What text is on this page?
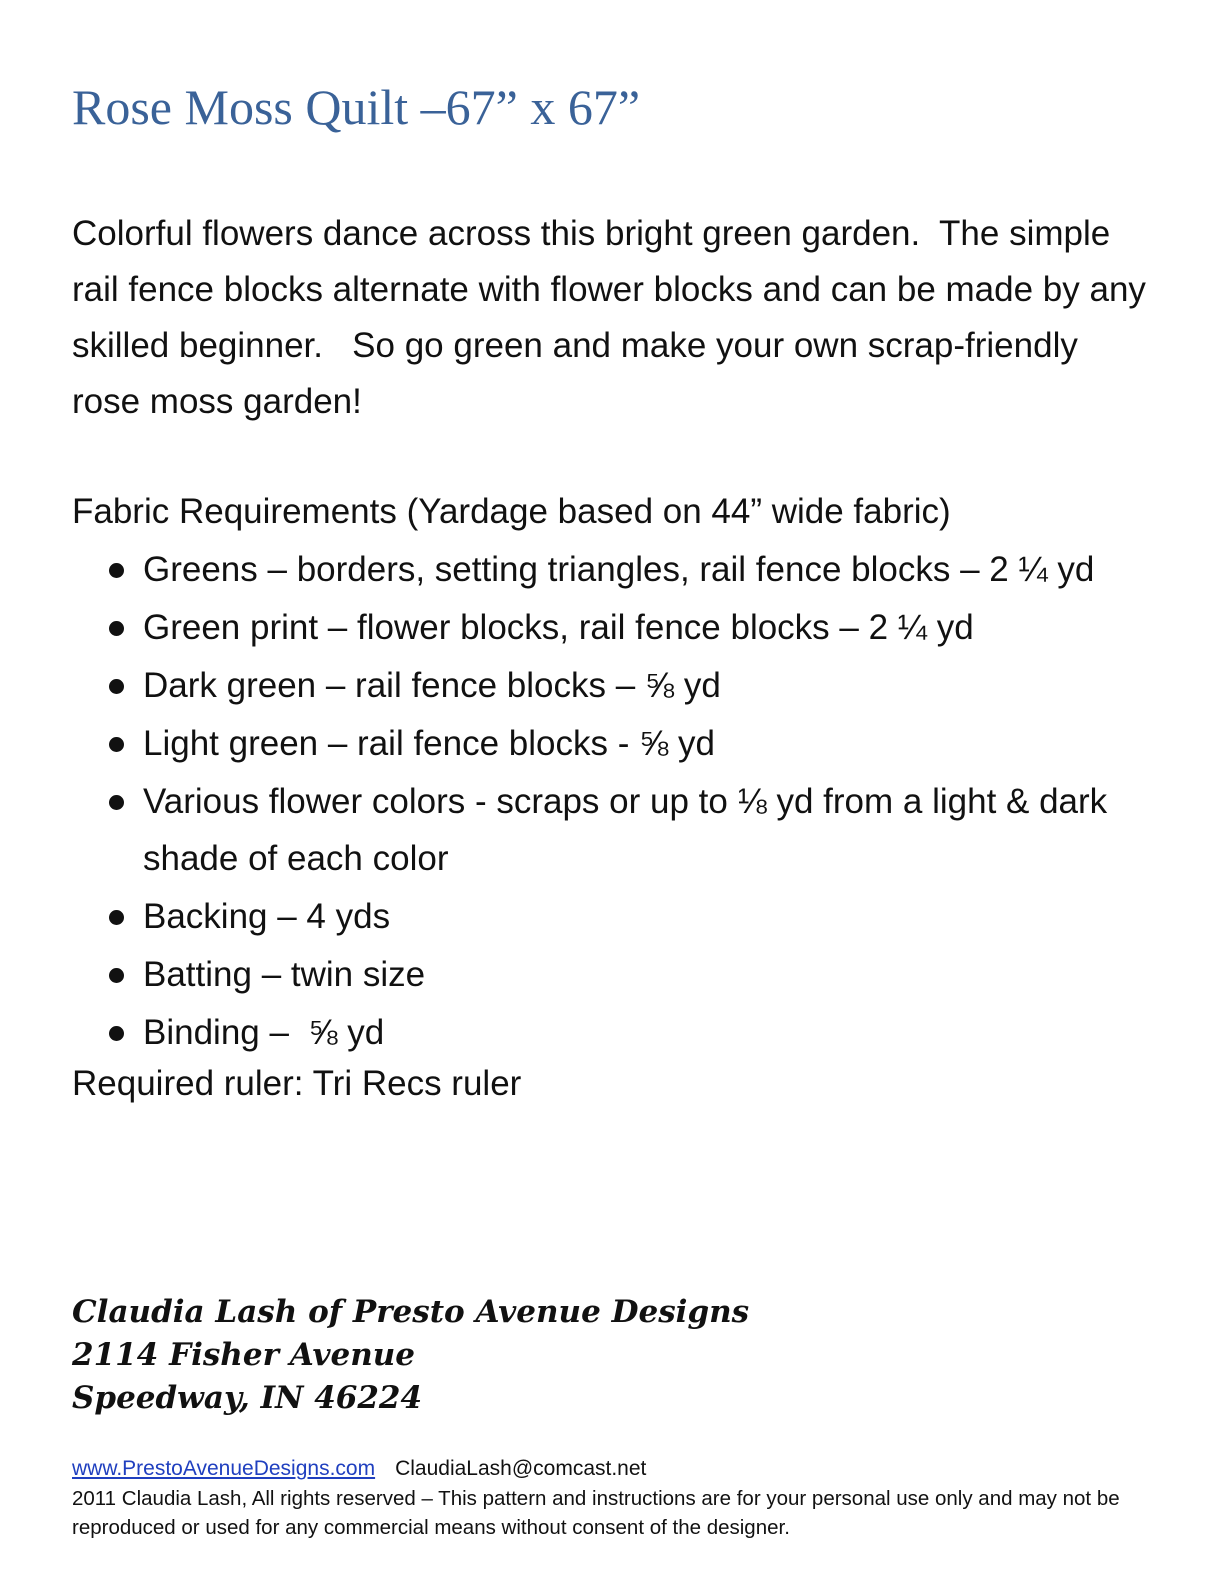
Rose Moss Quilt –67” x 67”

Colorful flowers dance across this bright green garden.  The simple rail fence blocks alternate with flower blocks and can be made by any skilled beginner.   So go green and make your own scrap-friendly rose moss garden!

Fabric Requirements (Yardage based on 44” wide fabric)

Greens – borders, setting triangles, rail fence blocks – 2 ¼ yd
Green print – flower blocks, rail fence blocks – 2 ¼ yd
Dark green – rail fence blocks – ⅝ yd
Light green – rail fence blocks - ⅝ yd
Various flower colors - scraps or up to ⅛ yd from a light & dark shade of each color
Backing – 4 yds
Batting – twin size
Binding –  ⅝ yd

Required ruler: Tri Recs ruler

Claudia Lash of Presto Avenue Designs
2114 Fisher Avenue
Speedway, IN 46224

www.PrestoAvenueDesigns.com ClaudiaLash@comcast.net

2011 Claudia Lash, All rights reserved – This pattern and instructions are for your personal use only and may not be reproduced or used for any commercial means without consent of the designer.
